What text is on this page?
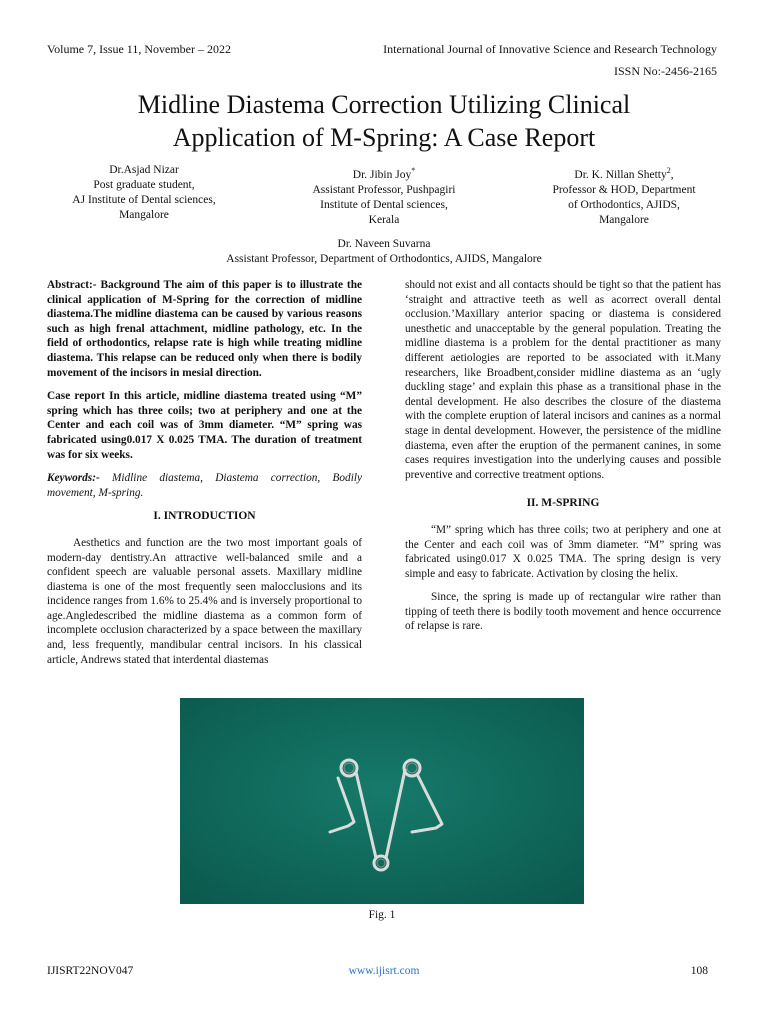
Volume 7, Issue 11, November – 2022	International Journal of Innovative Science and Research Technology
ISSN No:-2456-2165
Midline Diastema Correction Utilizing Clinical
Application of M-Spring: A Case Report
Dr.Asjad Nizar
Post graduate student,
AJ Institute of Dental sciences,
Mangalore
Dr. Jibin Joy*
Assistant Professor, Pushpagiri
Institute of Dental sciences,
Kerala
Dr. K. Nillan Shetty$^2$,
Professor & HOD, Department
of Orthodontics, AJIDS,
Mangalore
Dr. Naveen Suvarna
Assistant Professor, Department of Orthodontics, AJIDS, Mangalore

Abstract:- Background The aim of this paper is to illustrate the clinical application of M-Spring for the correction of midline diastema.The midline diastema can be caused by various reasons such as high frenal attachment, midline pathology, etc. In the field of orthodontics, relapse rate is high while treating midline diastema. This relapse can be reduced only when there is bodily movement of the incisors in mesial direction.

Case report In this article, midline diastema treated using “M” spring which has three coils; two at periphery and one at the Center and each coil was of 3mm diameter. “M” spring was fabricated using0.017 X 0.025 TMA. The duration of treatment was for six weeks.

Keywords:- Midline diastema, Diastema correction, Bodily movement, M-spring.

I. INTRODUCTION

Aesthetics and function are the two most important goals of modern-day dentistry.An attractive well-balanced smile and a confident speech are valuable personal assets. Maxillary midline diastema is one of the most frequently seen malocclusions and its incidence ranges from 1.6% to 25.4% and is inversely proportional to age.Angledescribed the midline diastema as a common form of incomplete occlusion characterized by a space between the maxillary and, less frequently, mandibular central incisors. In his classical article, Andrews stated that interdental diastemas

should not exist and all contacts should be tight so that the patient has ‘straight and attractive teeth as well as acorrect overall dental occlusion.’Maxillary anterior spacing or diastema is considered unesthetic and unacceptable by the general population. Treating the midline diastema is a problem for the dental practitioner as many different aetiologies are reported to be associated with it.Many researchers, like Broadbent,consider midline diastema as an ‘ugly duckling stage’ and explain this phase as a transitional phase in the dental development. He also describes the closure of the diastema with the complete eruption of lateral incisors and canines as a normal stage in dental development. However, the persistence of the midline diastema, even after the eruption of the permanent canines, in some cases requires investigation into the underlying causes and possible preventive and corrective treatment options.

II. M-SPRING

“M” spring which has three coils; two at periphery and one at the Center and each coil was of 3mm diameter. “M” spring was fabricated using0.017 X 0.025 TMA. The spring design is very simple and easy to fabricate. Activation by closing the helix.

Since, the spring is made up of rectangular wire rather than tipping of teeth there is bodily tooth movement and hence occurrence of relapse is rare.

Fig. 1
IJISRT22NOV047	www.ijisrt.com	108
